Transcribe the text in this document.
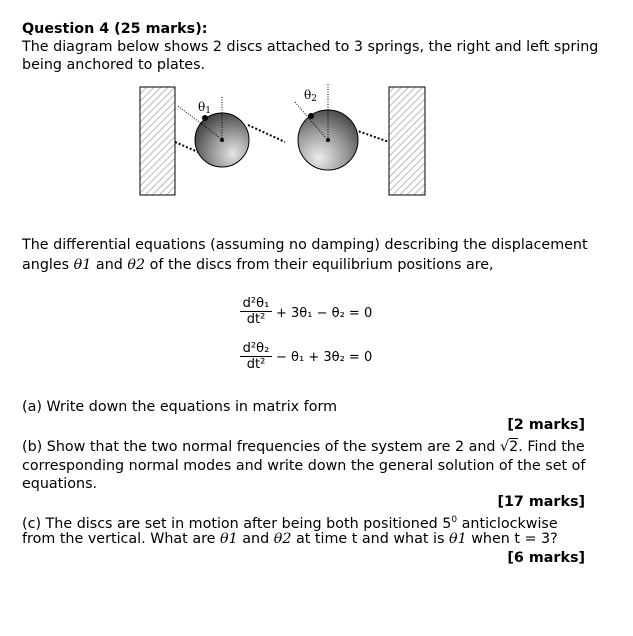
Question 4 (25 marks):
The diagram below shows 2 discs attached to 3 springs, the right and left spring
being anchored to plates.
θ1
θ2
The differential equations (assuming no damping) describing the displacement
angles θ1 and θ2 of the discs from their equilibrium positions are,
$\frac{\text{d²θ₁}}{\text{dt²}} + 3\theta_1 - \theta_2 = 0$
$\frac{\text{d²θ₂}}{\text{dt²}} - \theta_1 + 3\theta_2 = 0$
(a) Write down the equations in matrix form
[2 marks]
(b) Show that the two normal frequencies of the system are 2 and √2. Find the
corresponding normal modes and write down the general solution of the set of
equations.
[17 marks]
(c) The discs are set in motion after being both positioned $5^0$ anticlockwise
from the vertical. What are θ1 and θ2 at time t and what is θ1 when t = 3?
[6 marks]
